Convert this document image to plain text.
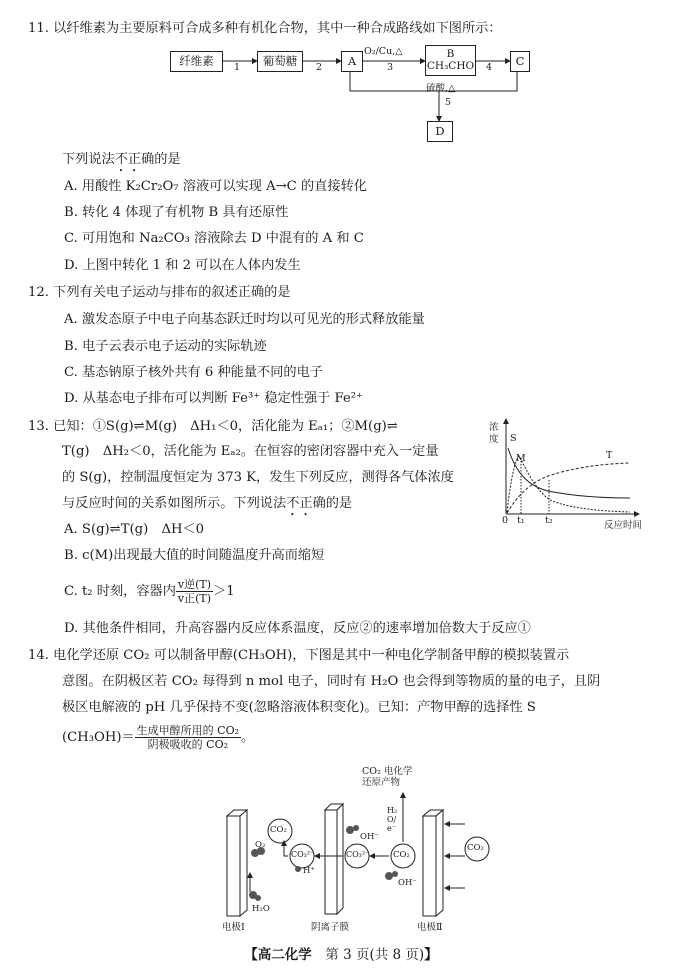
11. 以纤维素为主要原料可合成多种有机化合物，其中一种合成路线如下图所示：
纤维素	葡萄糖	A	B
CH₃CHO	C
D
1	2
O₂/Cu,△
3	4
硫酸,△
5
下列说法不正确的是
A. 用酸性 K₂Cr₂O₇ 溶液可以实现 A→C 的直接转化
B. 转化 4 体现了有机物 B 具有还原性
C. 可用饱和 Na₂CO₃ 溶液除去 D 中混有的 A 和 C
D. 上图中转化 1 和 2 可以在人体内发生
12. 下列有关电子运动与排布的叙述正确的是
A. 激发态原子中电子向基态跃迁时均以可见光的形式释放能量
B. 电子云表示电子运动的实际轨迹
C. 基态钠原子核外共有 6 种能量不同的电子
D. 从基态电子排布可以判断 Fe³⁺ 稳定性强于 Fe²⁺
13. 已知：①S(g)⇌M(g)　ΔH₁＜0，活化能为 Eₐ₁；②M(g)⇌
T(g)　ΔH₂＜0，活化能为 Eₐ₂。在恒容的密闭容器中充入一定量
的 S(g)，控制温度恒定为 373 K，发生下列反应，测得各气体浓度
与反应时间的关系如图所示。下列说法不正确的是
A. S(g)⇌T(g)　ΔH＜0
B. c(M)出现最大值的时间随温度升高而缩短
C. t₂ 时刻，容器内 $\frac{\text{v逆(T)}}{\text{v正(T)}} >1$
D. 其他条件相同，升高容器内反应体系温度，反应②的速率增加倍数大于反应①
浓度 S
M	T
0 t₁ t₂	反应时间
14. 电化学还原 CO₂ 可以制备甲醇(CH₃OH)，下图是其中一种电化学制备甲醇的模拟装置示
意图。在阴极区若 CO₂ 每得到 n mol 电子，同时有 H₂O 也会得到等物质的量的电子，且阴
极区电解液的 pH 几乎保持不变(忽略溶液体积变化)。已知：产物甲醇的选择性 S
$(CH_3OH)= \frac{\text{生成甲醇所用的 CO₂}}{\text{阴极吸收的 CO₂}}$ 。
CO₂ 电化学
还原产物
H₂O/e⁻
CO₂
CO₃²⁻	CO₃²⁻	CO₂
CO₂
OH⁻
OH⁻
H⁺
O₂
H₂O
电极Ⅰ	阴离子膜	电极Ⅱ
【高二化学　 第 3 页(共 8 页)】
